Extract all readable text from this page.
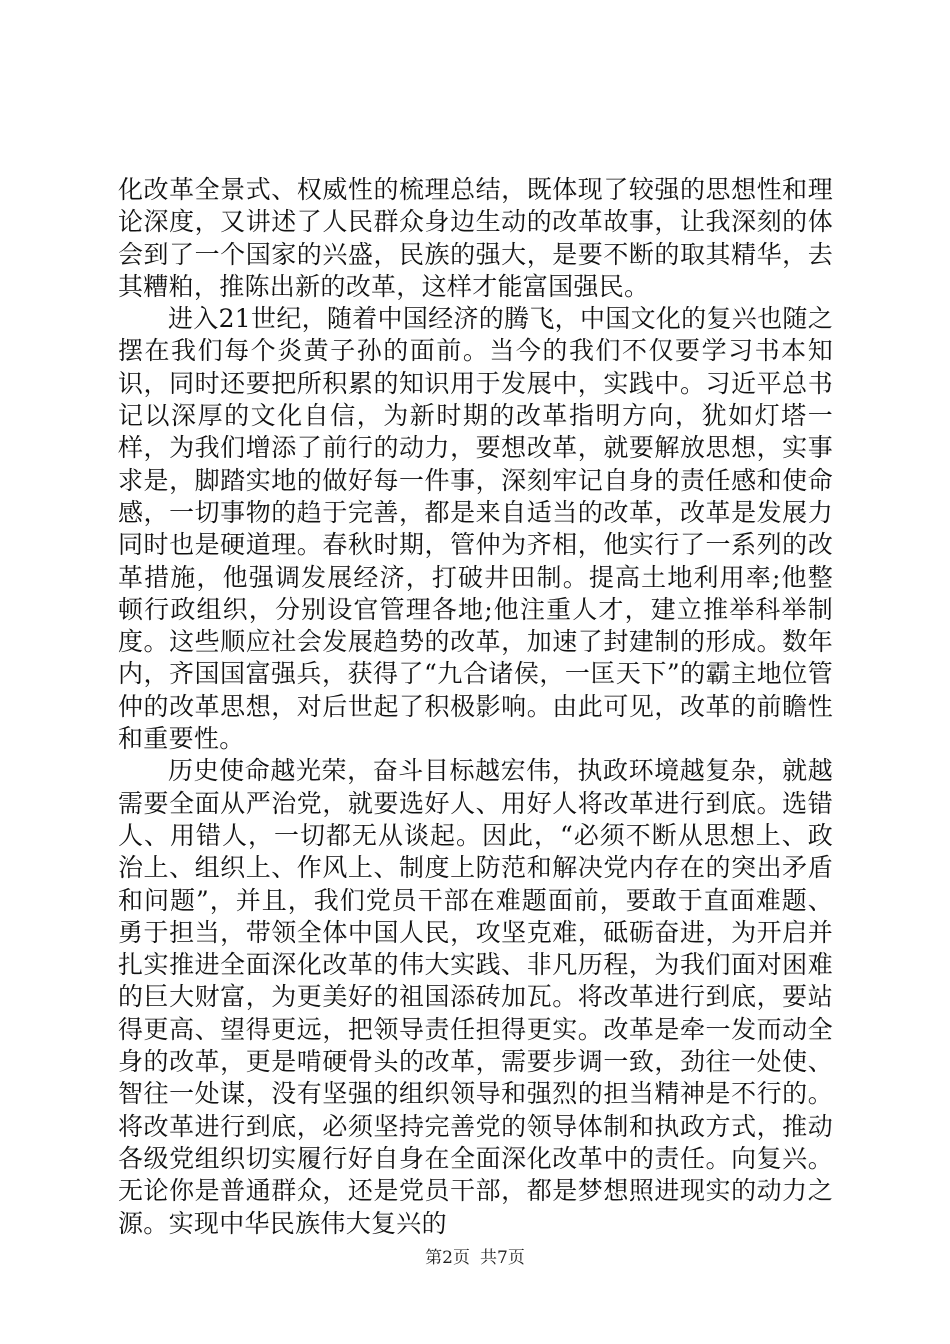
化改革全景式、权威性的梳理总结，既体现了较强的思想性和理论深度，又讲述了人民群众身边生动的改革故事，让我深刻的体会到了一个国家的兴盛，民族的强大，是要不断的取其精华，去其糟粕，推陈出新的改革，这样才能富国强民。

进入21世纪，随着中国经济的腾飞，中国文化的复兴也随之摆在我们每个炎黄子孙的面前。当今的我们不仅要学习书本知识，同时还要把所积累的知识用于发展中，实践中。习近平总书记以深厚的文化自信，为新时期的改革指明方向，犹如灯塔一样，为我们增添了前行的动力，要想改革，就要解放思想，实事求是，脚踏实地的做好每一件事，深刻牢记自身的责任感和使命感，一切事物的趋于完善，都是来自适当的改革，改革是发展力同时也是硬道理。春秋时期，管仲为齐相，他实行了一系列的改革措施，他强调发展经济，打破井田制。提高土地利用率;他整顿行政组织，分别设官管理各地;他注重人才，建立推举科举制度。这些顺应社会发展趋势的改革，加速了封建制的形成。数年内，齐国国富强兵，获得了“九合诸侯，一匡天下”的霸主地位管仲的改革思想，对后世起了积极影响。由此可见，改革的前瞻性和重要性。

历史使命越光荣，奋斗目标越宏伟，执政环境越复杂，就越需要全面从严治党，就要选好人、用好人将改革进行到底。选错人、用错人，一切都无从谈起。因此，“必须不断从思想上、政治上、组织上、作风上、制度上防范和解决党内存在的突出矛盾和问题”，并且，我们党员干部在难题面前，要敢于直面难题、勇于担当，带领全体中国人民，攻坚克难，砥砺奋进，为开启并扎实推进全面深化改革的伟大实践、非凡历程，为我们面对困难的巨大财富，为更美好的祖国添砖加瓦。将改革进行到底，要站得更高、望得更远，把领导责任担得更实。改革是牵一发而动全身的改革，更是啃硬骨头的改革，需要步调一致，劲往一处使、智往一处谋，没有坚强的组织领导和强烈的担当精神是不行的。将改革进行到底，必须坚持完善党的领导体制和执政方式，推动各级党组织切实履行好自身在全面深化改革中的责任。向复兴。无论你是普通群众，还是党员干部，都是梦想照进现实的动力之源。实现中华民族伟大复兴的

第2页 共7页
